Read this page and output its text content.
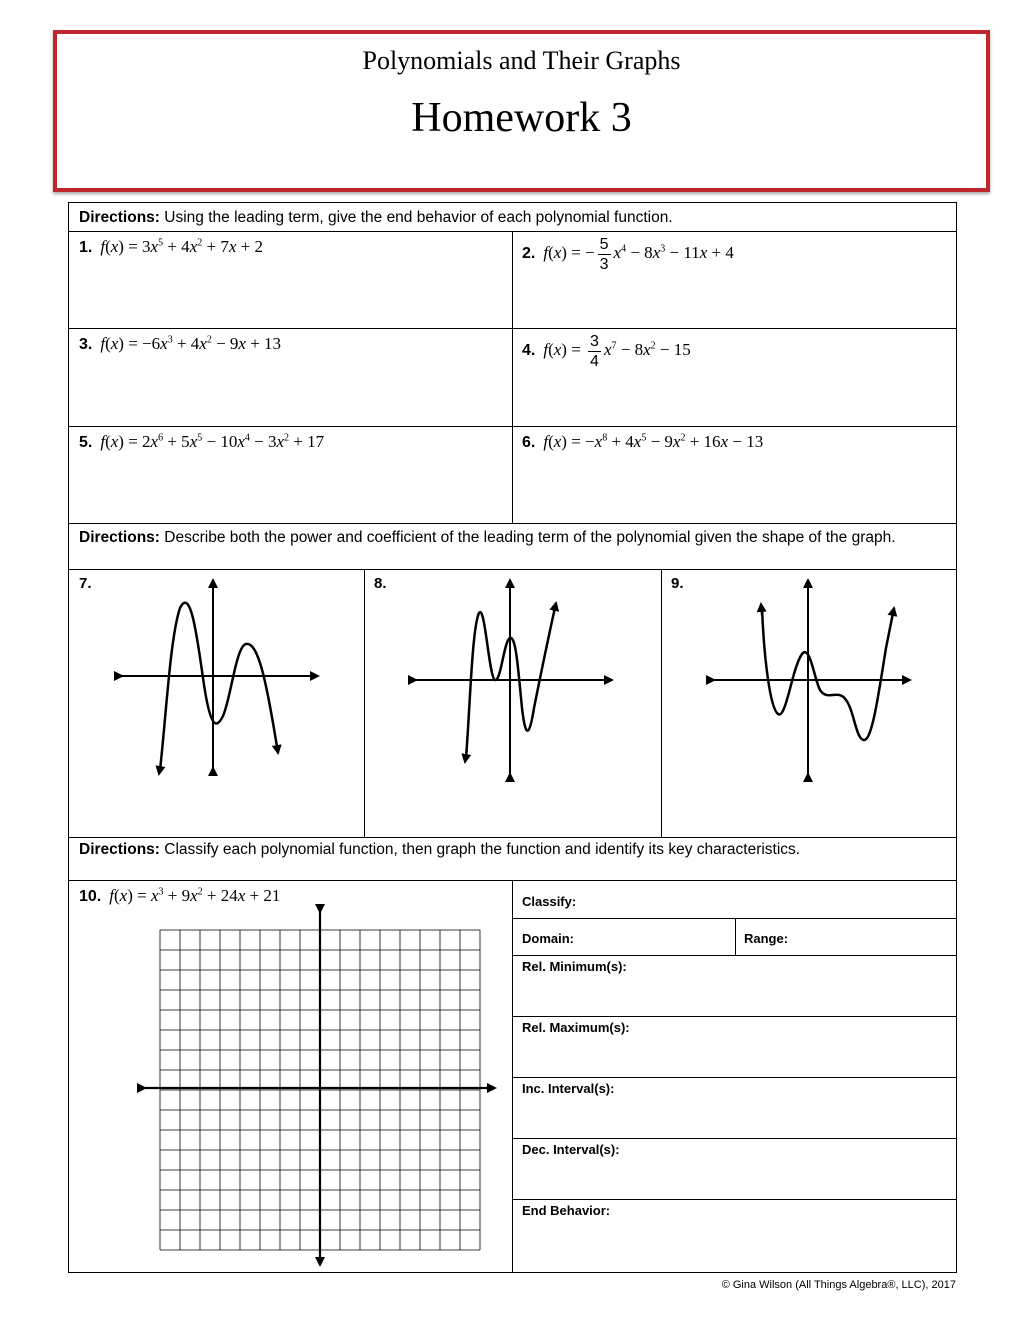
Polynomials and Their Graphs
Homework 3
Directions: Using the leading term, give the end behavior of each polynomial function.
1. $f(x) = 3x^5 + 4x^2 + 7x + 2$	2. f(x) = − $\frac{5}{3} x^4 - 8x^3 - 11x + 4$
3. $f(x) = -6x^3 + 4x^2 - 9x + 13$	4. $f(x) = \frac{3}{4} x^7 - 8x^2 - 15$
5. $f(x) = 2x^6 + 5x^5 - 10x^4 - 3x^2 + 17$	6. $f(x) = -x^8 + 4x^5 - 9x^2 + 16x - 13$
Directions: Describe both the power and coefficient of the leading term of the polynomial given the shape of the graph.
7.	8.	9.
Directions: Classify each polynomial function, then graph the function and identify its key characteristics.
10. $f(x) = x^3 + 9x^2 + 24x + 21$	Classify:
Domain:	Range:
Rel. Minimum(s):
Rel. Maximum(s):
Inc. Interval(s):
Dec. Interval(s):
End Behavior:
© Gina Wilson (All Things Algebra®, LLC), 2017
